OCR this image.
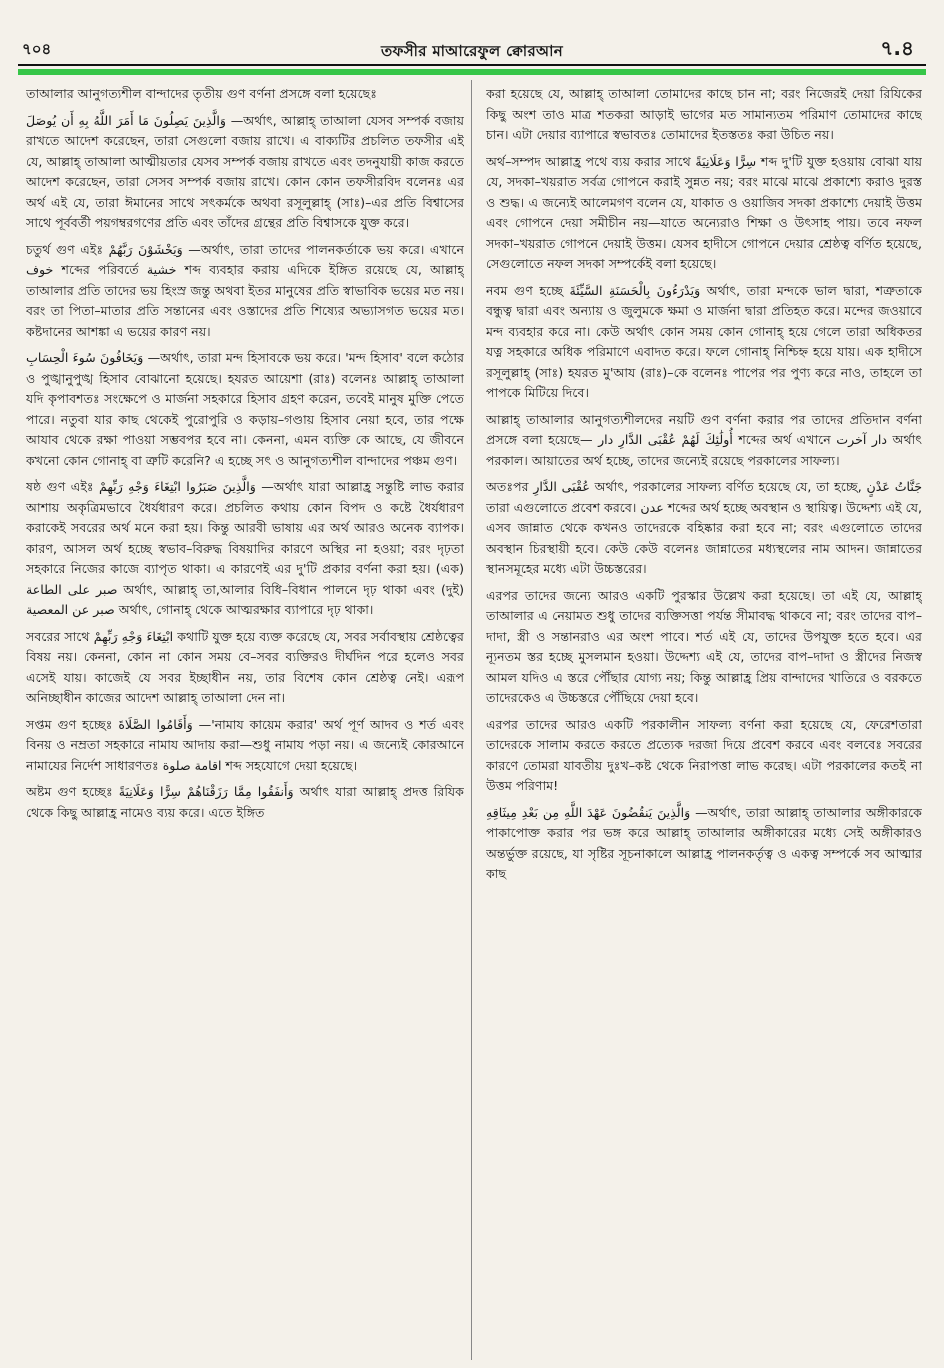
৭০৪	তফসীর মাআরেফুল ক্বোরআন	৭.৪

তাআলার আনুগত্যশীল বান্দাদের তৃতীয় গুণ বর্ণনা প্রসঙ্গে বলা হয়েছেঃ

وَالَّذِينَ يَصِلُونَ مَا أَمَرَ اللَّهُ بِهِ أَن يُوصَلَ —অর্থাৎ, আল্লাহ্ তাআলা যেসব সম্পর্ক বজায় রাখতে আদেশ করেছেন, তারা সেগুলো বজায় রাখে। এ বাক্যটির প্রচলিত তফসীর এই যে, আল্লাহ্ তাআলা আত্মীয়তার যেসব সম্পর্ক বজায় রাখতে এবং তদনুযায়ী কাজ করতে আদেশ করেছেন, তারা সেসব সম্পর্ক বজায় রাখে। কোন কোন তফসীরবিদ বলেনঃ এর অর্থ এই যে, তারা ঈমানের সাথে সৎকর্মকে অথবা রসূলুল্লাহ্ (সাঃ)–এর প্রতি বিশ্বাসের সাথে পূর্ববর্তী পয়গম্বরগণের প্রতি এবং তাঁদের গ্রন্থের প্রতি বিশ্বাসকে যুক্ত করে।

চতুর্থ গুণ এইঃ وَيَخْشَوْنَ رَبَّهُمْ —অর্থাৎ, তারা তাদের পালনকর্তাকে ভয় করে। এখানে خوف শব্দের পরিবর্তে خشية শব্দ ব্যবহার করায় এদিকে ইঙ্গিত রয়েছে যে, আল্লাহ্ তাআলার প্রতি তাদের ভয় হিংস্র জন্তু অথবা ইতর মানুষের প্রতি স্বাভাবিক ভয়ের মত নয়। বরং তা পিতা–মাতার প্রতি সন্তানের এবং ওস্তাদের প্রতি শিষ্যের অভ্যাসগত ভয়ের মত। কষ্টদানের আশঙ্কা এ ভয়ের কারণ নয়।

وَيَخَافُونَ سُوءَ الْحِسَابِ —অর্থাৎ, তারা মন্দ হিসাবকে ভয় করে। 'মন্দ হিসাব' বলে কঠোর ও পুঙ্খানুপুঙ্খ হিসাব বোঝানো হয়েছে। হযরত আয়েশা (রাঃ) বলেনঃ আল্লাহ্ তাআলা যদি কৃপাবশতঃ সংক্ষেপে ও মার্জনা সহকারে হিসাব গ্রহণ করেন, তবেই মানুষ মুক্তি পেতে পারে। নতুবা যার কাছ থেকেই পুরোপুরি ও কড়ায়–গণ্ডায় হিসাব নেয়া হবে, তার পক্ষে আযাব থেকে রক্ষা পাওয়া সম্ভবপর হবে না। কেননা, এমন ব্যক্তি কে আছে, যে জীবনে কখনো কোন গোনাহ্ বা ত্রুটি করেনি? এ হচ্ছে সৎ ও আনুগত্যশীল বান্দাদের পঞ্চম গুণ।

ষষ্ঠ গুণ এইঃ وَالَّذِينَ صَبَرُوا ابْتِغَاءَ وَجْهِ رَبِّهِمْ —অর্থাৎ যারা আল্লাহ্র সন্তুষ্টি লাভ করার আশায় অকৃত্রিমভাবে ধৈর্যধারণ করে। প্রচলিত কথায় কোন বিপদ ও কষ্টে ধৈর্যধারণ করাকেই সবরের অর্থ মনে করা হয়। কিন্তু আরবী ভাষায় এর অর্থ আরও অনেক ব্যাপক। কারণ, আসল অর্থ হচ্ছে স্বভাব–বিরুদ্ধ বিষয়াদির কারণে অস্থির না হওয়া; বরং দৃঢ়তা সহকারে নিজের কাজে ব্যাপৃত থাকা। এ কারণেই এর দু'টি প্রকার বর্ণনা করা হয়। (এক) صبر على الطاعة অর্থাৎ, আল্লাহ্ তা,আলার বিধি–বিধান পালনে দৃঢ় থাকা এবং (দুই) صبر عن المعصية অর্থাৎ, গোনাহ্ থেকে আত্মরক্ষার ব্যাপারে দৃঢ় থাকা।

সবরের সাথে ابْتِغَاءَ وَجْهِ رَبِّهِمْ কথাটি যুক্ত হয়ে ব্যক্ত করেছে যে, সবর সর্বাবস্থায় শ্রেষ্ঠত্বের বিষয় নয়। কেননা, কোন না কোন সময় বে–সবর ব্যক্তিরও দীর্ঘদিন পরে হলেও সবর এসেই যায়। কাজেই যে সবর ইচ্ছাধীন নয়, তার বিশেষ কোন শ্রেষ্ঠত্ব নেই। এরূপ অনিচ্ছাধীন কাজের আদেশ আল্লাহ্ তাআলা দেন না।

সপ্তম গুণ হচ্ছেঃ وَأَقَامُوا الصَّلَاةَ —'নামায কায়েম করার' অর্থ পূর্ণ আদব ও শর্ত এবং বিনয় ও নম্রতা সহকারে নামায আদায় করা—শুধু নামায পড়া নয়। এ জন্যেই কোরআনে নামাযের নির্দেশ সাধারণতঃ اقامة صلوة শব্দ সহযোগে দেয়া হয়েছে।

অষ্টম গুণ হচ্ছেঃ وَأَنفَقُوا مِمَّا رَزَقْنَاهُمْ سِرًّا وَعَلَانِيَةً অর্থাৎ যারা আল্লাহ্ প্রদত্ত রিযিক থেকে কিছু আল্লাহ্র নামেও ব্যয় করে। এতে ইঙ্গিত

করা হয়েছে যে, আল্লাহ্ তাআলা তোমাদের কাছে চান না; বরং নিজেরই দেয়া রিযিকের কিছু অংশ তাও মাত্র শতকরা আড়াই ভাগের মত সামান্যতম পরিমাণ তোমাদের কাছে চান। এটা দেয়ার ব্যাপারে স্বভাবতঃ তোমাদের ইতস্ততঃ করা উচিত নয়।

অর্থ–সম্পদ আল্লাহ্র পথে ব্যয় করার সাথে سِرًّا وَعَلَانِيَةً শব্দ দু'টি যুক্ত হওয়ায় বোঝা যায় যে, সদকা–খয়রাত সর্বত্র গোপনে করাই সুন্নত নয়; বরং মাঝে মাঝে প্রকাশ্যে করাও দুরস্ত ও শুদ্ধ। এ জন্যেই আলেমগণ বলেন যে, যাকাত ও ওয়াজিব সদকা প্রকাশ্যে দেয়াই উত্তম এবং গোপনে দেয়া সমীচীন নয়—যাতে অন্যেরাও শিক্ষা ও উৎসাহ পায়। তবে নফল সদকা–খয়রাত গোপনে দেয়াই উত্তম। যেসব হাদীসে গোপনে দেয়ার শ্রেষ্ঠত্ব বর্ণিত হয়েছে, সেগুলোতে নফল সদকা সম্পর্কেই বলা হয়েছে।

নবম গুণ হচ্ছে وَيَدْرَءُونَ بِالْحَسَنَةِ السَّيِّئَةَ অর্থাৎ, তারা মন্দকে ভাল দ্বারা, শত্রুতাকে বন্ধুত্ব দ্বারা এবং অন্যায় ও জুলুমকে ক্ষমা ও মার্জনা দ্বারা প্রতিহত করে। মন্দের জওয়াবে মন্দ ব্যবহার করে না। কেউ অর্থাৎ কোন সময় কোন গোনাহ্ হয়ে গেলে তারা অধিকতর যত্ন সহকারে অধিক পরিমাণে এবাদত করে। ফলে গোনাহ্ নিশ্চিহ্ন হয়ে যায়। এক হাদীসে রসূলুল্লাহ্ (সাঃ) হযরত মু'আয (রাঃ)–কে বলেনঃ পাপের পর পুণ্য করে নাও, তাহলে তা পাপকে মিটিয়ে দিবে।

আল্লাহ্ তাআলার আনুগত্যশীলদের নয়টি গুণ বর্ণনা করার পর তাদের প্রতিদান বর্ণনা প্রসঙ্গে বলা হয়েছে— أُولَٰئِكَ لَهُمْ عُقْبَى الدَّارِ دار শব্দের অর্থ এখানে دار آخرت অর্থাৎ পরকাল। আয়াতের অর্থ হচ্ছে, তাদের জন্যেই রয়েছে পরকালের সাফল্য।

অতঃপর عُقْبَى الدَّارِ অর্থাৎ, পরকালের সাফল্য বর্ণিত হয়েছে যে, তা হচ্ছে, جَنَّاتُ عَدْنٍ তারা এগুলোতে প্রবেশ করবে। عدن শব্দের অর্থ হচ্ছে অবস্থান ও স্থায়িত্ব। উদ্দেশ্য এই যে, এসব জান্নাত থেকে কখনও তাদেরকে বহিষ্কার করা হবে না; বরং এগুলোতে তাদের অবস্থান চিরস্থায়ী হবে। কেউ কেউ বলেনঃ জান্নাতের মধ্যস্থলের নাম আদন। জান্নাতের স্থানসমূহের মধ্যে এটা উচ্চস্তরের।

এরপর তাদের জন্যে আরও একটি পুরস্কার উল্লেখ করা হয়েছে। তা এই যে, আল্লাহ্ তাআলার এ নেয়ামত শুধু তাদের ব্যক্তিসত্তা পর্যন্ত সীমাবদ্ধ থাকবে না; বরং তাদের বাপ–দাদা, স্ত্রী ও সন্তানরাও এর অংশ পাবে। শর্ত এই যে, তাদের উপযুক্ত হতে হবে। এর ন্যূনতম স্তর হচ্ছে মুসলমান হওয়া। উদ্দেশ্য এই যে, তাদের বাপ–দাদা ও স্ত্রীদের নিজস্ব আমল যদিও এ স্তরে পৌঁছার যোগ্য নয়; কিন্তু আল্লাহ্র প্রিয় বান্দাদের খাতিরে ও বরকতে তাদেরকেও এ উচ্চস্তরে পৌঁছিয়ে দেয়া হবে।

এরপর তাদের আরও একটি পরকালীন সাফল্য বর্ণনা করা হয়েছে যে, ফেরেশতারা তাদেরকে সালাম করতে করতে প্রত্যেক দরজা দিয়ে প্রবেশ করবে এবং বলবেঃ সবরের কারণে তোমরা যাবতীয় দুঃখ–কষ্ট থেকে নিরাপত্তা লাভ করেছ। এটা পরকালের কতই না উত্তম পরিণাম!

وَالَّذِينَ يَنقُضُونَ عَهْدَ اللَّهِ مِن بَعْدِ مِيثَاقِهِ —অর্থাৎ, তারা আল্লাহ্ তাআলার অঙ্গীকারকে পাকাপোক্ত করার পর ভঙ্গ করে আল্লাহ্ তাআলার অঙ্গীকারের মধ্যে সেই অঙ্গীকারও অন্তর্ভুক্ত রয়েছে, যা সৃষ্টির সূচনাকালে আল্লাহ্র পালনকর্তৃত্ব ও একত্ব সম্পর্কে সব আত্মার কাছ
